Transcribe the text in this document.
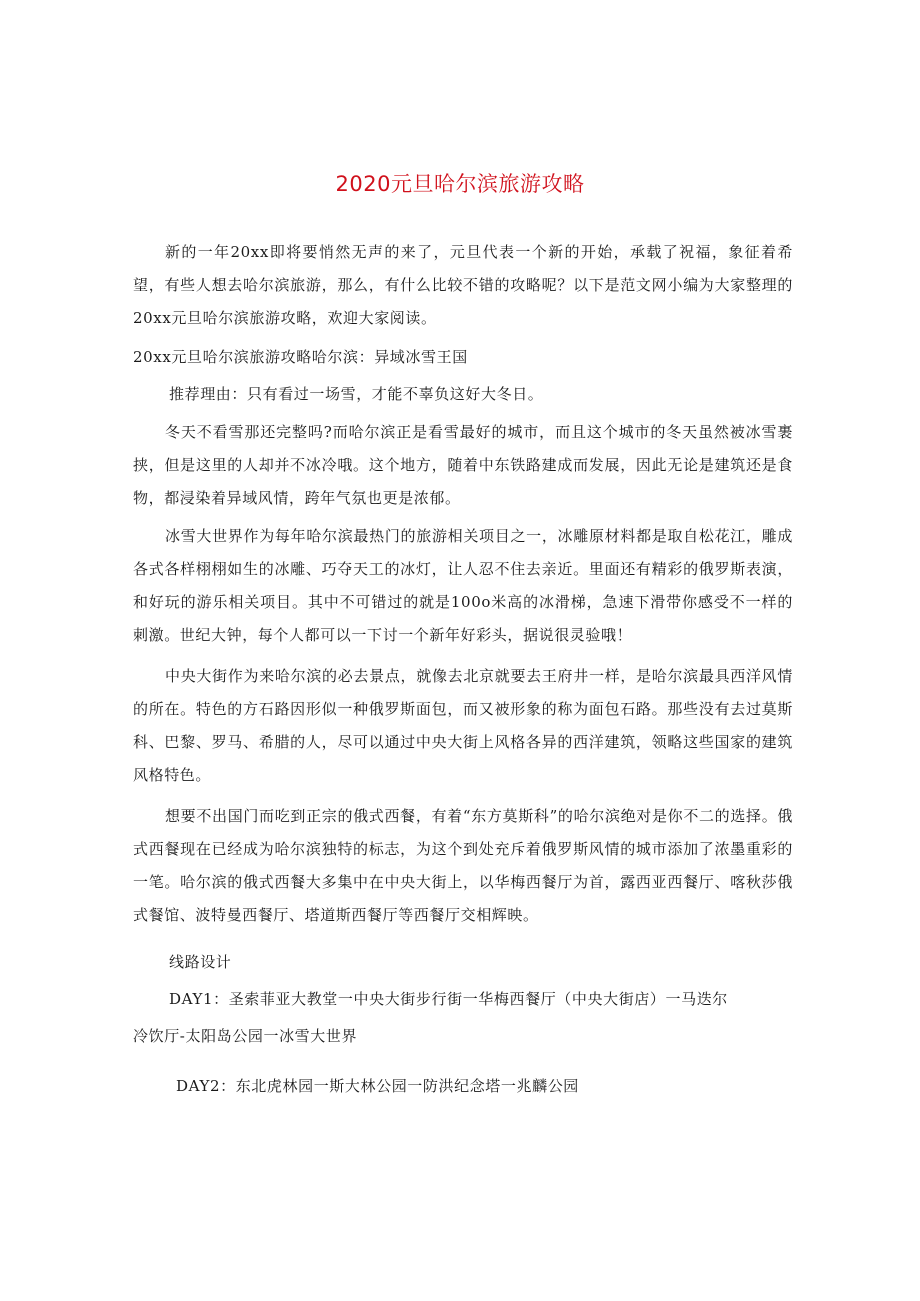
2020元旦哈尔滨旅游攻略

新的一年20xx即将要悄然无声的来了，元旦代表一个新的开始，承载了祝福，象征着希望，有些人想去哈尔滨旅游，那么，有什么比较不错的攻略呢？以下是范文网小编为大家整理的20xx元旦哈尔滨旅游攻略，欢迎大家阅读。

20xx元旦哈尔滨旅游攻略哈尔滨：异域冰雪王国

推荐理由：只有看过一场雪，才能不辜负这好大冬日。

冬天不看雪那还完整吗?而哈尔滨正是看雪最好的城市，而且这个城市的冬天虽然被冰雪裹挟，但是这里的人却并不冰冷哦。这个地方，随着中东铁路建成而发展，因此无论是建筑还是食物，都浸染着异域风情，跨年气氛也更是浓郁。

冰雪大世界作为每年哈尔滨最热门的旅游相关项目之一，冰雕原材料都是取自松花江，雕成各式各样栩栩如生的冰雕、巧夺天工的冰灯，让人忍不住去亲近。里面还有精彩的俄罗斯表演，和好玩的游乐相关项目。其中不可错过的就是100o米高的冰滑梯，急速下滑带你感受不一样的刺激。世纪大钟，每个人都可以一下讨一个新年好彩头，据说很灵验哦！

中央大街作为来哈尔滨的必去景点，就像去北京就要去王府井一样，是哈尔滨最具西洋风情的所在。特色的方石路因形似一种俄罗斯面包，而又被形象的称为面包石路。那些没有去过莫斯科、巴黎、罗马、希腊的人，尽可以通过中央大街上风格各异的西洋建筑，领略这些国家的建筑风格特色。

想要不出国门而吃到正宗的俄式西餐，有着“东方莫斯科”的哈尔滨绝对是你不二的选择。俄式西餐现在已经成为哈尔滨独特的标志，为这个到处充斥着俄罗斯风情的城市添加了浓墨重彩的一笔。哈尔滨的俄式西餐大多集中在中央大街上，以华梅西餐厅为首，露西亚西餐厅、喀秋莎俄式餐馆、波特曼西餐厅、塔道斯西餐厅等西餐厅交相辉映。

线路设计

DAY1：圣索菲亚大教堂一中央大街步行街一华梅西餐厅（中央大街店）一马迭尔

冷饮厅-太阳岛公园一冰雪大世界

DAY2：东北虎林园一斯大林公园一防洪纪念塔一兆麟公园
